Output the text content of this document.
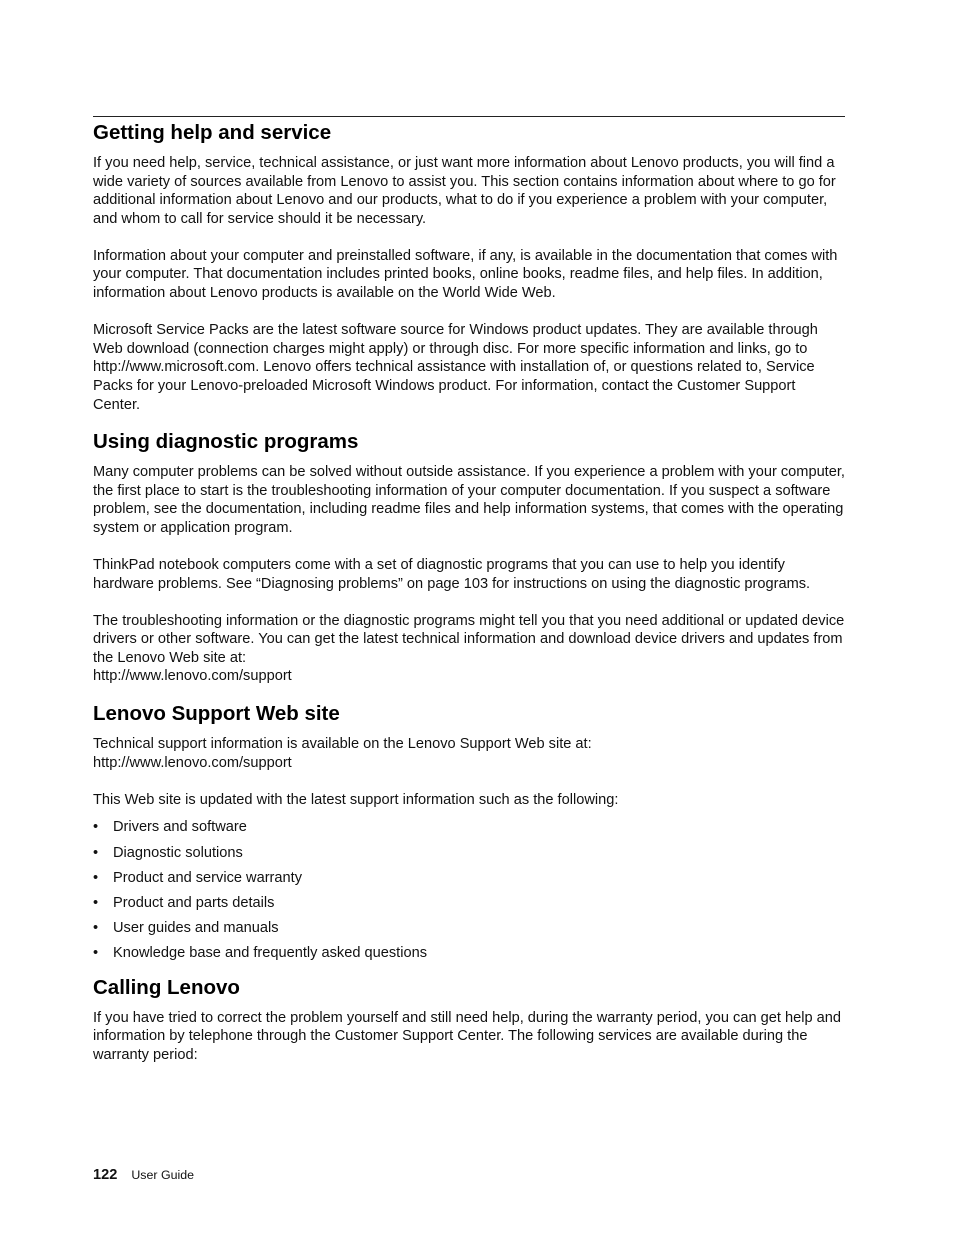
Getting help and service

If you need help, service, technical assistance, or just want more information about Lenovo products, you will find a wide variety of sources available from Lenovo to assist you. This section contains information about where to go for additional information about Lenovo and our products, what to do if you experience a problem with your computer, and whom to call for service should it be necessary.

Information about your computer and preinstalled software, if any, is available in the documentation that comes with your computer. That documentation includes printed books, online books, readme files, and help files. In addition, information about Lenovo products is available on the World Wide Web.

Microsoft Service Packs are the latest software source for Windows product updates. They are available through Web download (connection charges might apply) or through disc. For more specific information and links, go to http://www.microsoft.com. Lenovo offers technical assistance with installation of, or questions related to, Service Packs for your Lenovo-preloaded Microsoft Windows product. For information, contact the Customer Support Center.

Using diagnostic programs

Many computer problems can be solved without outside assistance. If you experience a problem with your computer, the first place to start is the troubleshooting information of your computer documentation. If you suspect a software problem, see the documentation, including readme files and help information systems, that comes with the operating system or application program.

ThinkPad notebook computers come with a set of diagnostic programs that you can use to help you identify hardware problems. See “Diagnosing problems” on page 103 for instructions on using the diagnostic programs.

The troubleshooting information or the diagnostic programs might tell you that you need additional or updated device drivers or other software. You can get the latest technical information and download device drivers and updates from the Lenovo Web site at:
http://www.lenovo.com/support

Lenovo Support Web site

Technical support information is available on the Lenovo Support Web site at:
http://www.lenovo.com/support

This Web site is updated with the latest support information such as the following:

• Drivers and software
• Diagnostic solutions
• Product and service warranty
• Product and parts details
• User guides and manuals
• Knowledge base and frequently asked questions
Calling Lenovo

If you have tried to correct the problem yourself and still need help, during the warranty period, you can get help and information by telephone through the Customer Support Center. The following services are available during the warranty period:

122 User Guide
